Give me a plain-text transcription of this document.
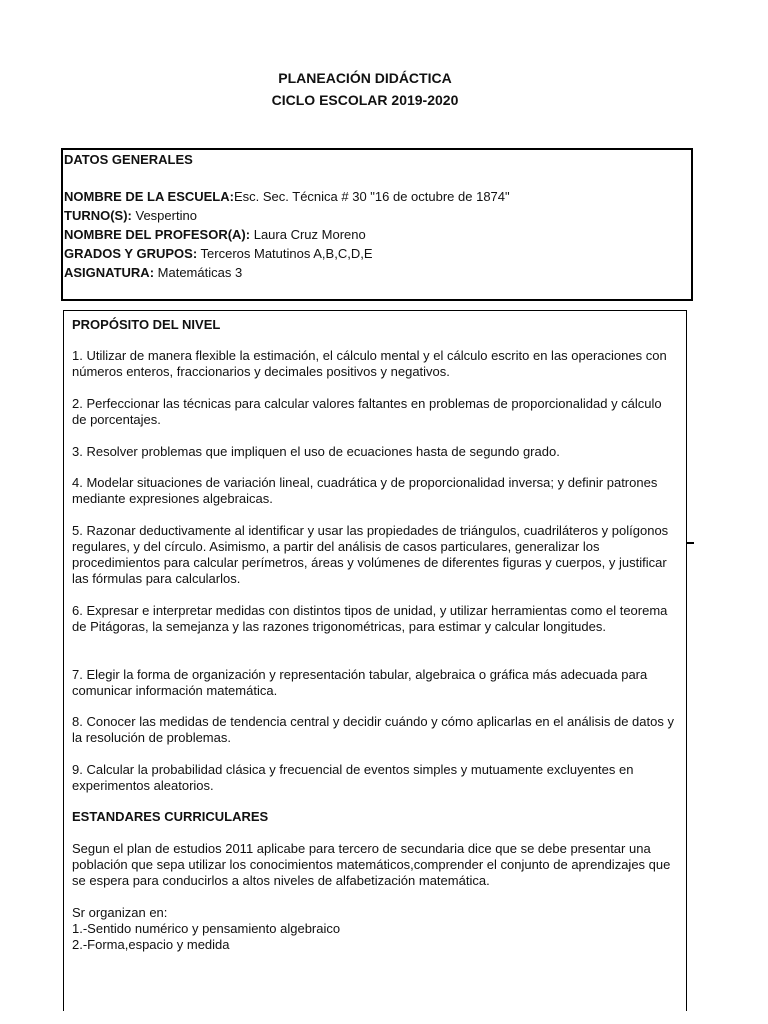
PLANEACIÓN DIDÁCTICA
CICLO ESCOLAR 2019-2020
DATOS GENERALES
NOMBRE DE LA ESCUELA:Esc. Sec. Técnica # 30 "16 de octubre de 1874"
TURNO(S): Vespertino
NOMBRE DEL PROFESOR(A): Laura Cruz Moreno
GRADOS Y GRUPOS: Terceros Matutinos A,B,C,D,E
ASIGNATURA: Matemáticas 3
PROPÓSITO DEL NIVEL
1. Utilizar de manera flexible la estimación, el cálculo mental y el cálculo escrito en las operaciones con números enteros, fraccionarios y decimales positivos y negativos.
2. Perfeccionar las técnicas para calcular valores faltantes en problemas de proporcionalidad y cálculo de porcentajes.
3. Resolver problemas que impliquen el uso de ecuaciones hasta de segundo grado.
4. Modelar situaciones de variación lineal, cuadrática y de proporcionalidad inversa; y definir patrones mediante expresiones algebraicas.
5. Razonar deductivamente al identificar y usar las propiedades de triángulos, cuadriláteros y polígonos regulares, y del círculo. Asimismo, a partir del análisis de casos particulares, generalizar los procedimientos para calcular perímetros, áreas y volúmenes de diferentes figuras y cuerpos, y justificar las fórmulas para calcularlos.
6. Expresar e interpretar medidas con distintos tipos de unidad, y utilizar herramientas como el teorema de Pitágoras, la semejanza y las razones trigonométricas, para estimar y calcular longitudes.
7. Elegir la forma de organización y representación tabular, algebraica o gráfica más adecuada para comunicar información matemática.
8. Conocer las medidas de tendencia central y decidir cuándo y cómo aplicarlas en el análisis de datos y la resolución de problemas.
9. Calcular la probabilidad clásica y frecuencial de eventos simples y mutuamente excluyentes en experimentos aleatorios.
ESTANDARES CURRICULARES
Segun el plan de estudios 2011 aplicabe para tercero de secundaria dice que se debe presentar una población que sepa utilizar los conocimientos matemáticos,comprender el conjunto de aprendizajes que se espera para conducirlos a altos niveles de alfabetización matemática.
Sr organizan en:
1.-Sentido numérico y pensamiento algebraico
2.-Forma,espacio y medida
